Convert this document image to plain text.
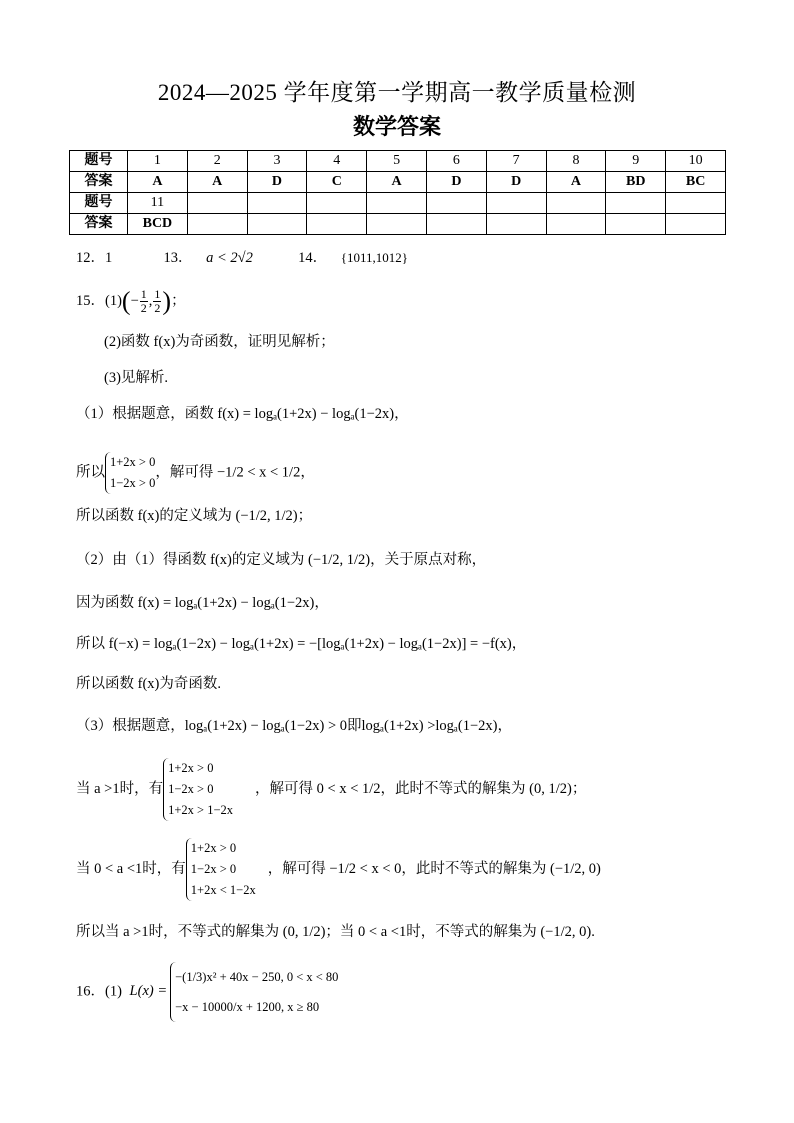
2024—2025 学年度第一学期高一教学质量检测
数学答案
题号	1	2	3	4	5	6	7	8	9	10
答案	A	A	D	C	A	D	D	A	BD	BC
题号	11									
答案	BCD									
12．1	13． a < 2√2	14． {1011,1012}
15．$(1)(- \frac{1}{2}$ , $\frac{1}{2}$ )；
(2)函数 f(x)为奇函数，证明见解析；
(3)见解析.
（1）根据题意，函数 f(x) = logₐ(1+2x) − logₐ(1−2x)，
所以
1+2x > 0
1−2x > 0
，解可得 −1/2 < x < 1/2，
所以函数 f(x)的定义域为 (−1/2, 1/2)；
（2）由（1）得函数 f(x)的定义域为 (−1/2, 1/2)，关于原点对称，
因为函数 f(x) = logₐ(1+2x) − logₐ(1−2x)，
所以 f(−x) = logₐ(1−2x) − logₐ(1+2x) = −[logₐ(1+2x) − logₐ(1−2x)] = −f(x)，
所以函数 f(x)为奇函数.
（3）根据题意，logₐ(1+2x) − logₐ(1−2x) > 0即logₐ(1+2x) >logₐ(1−2x)，
当 a >1时，有
1+2x > 0
1−2x > 0
1+2x > 1−2x
，解可得 0 < x < 1/2，此时不等式的解集为 (0, 1/2)；
当 0 < a <1时，有
1+2x > 0
1−2x > 0
1+2x < 1−2x
，解可得 −1/2 < x < 0，此时不等式的解集为 (−1/2, 0)
所以当 a >1时，不等式的解集为 (0, 1/2)；当 0 < a <1时，不等式的解集为 (−1/2, 0).
16．(1) L(x) =
−(1/3)x² + 40x − 250, 0 < x < 80
−x − 10000/x + 1200, x ≥ 80
